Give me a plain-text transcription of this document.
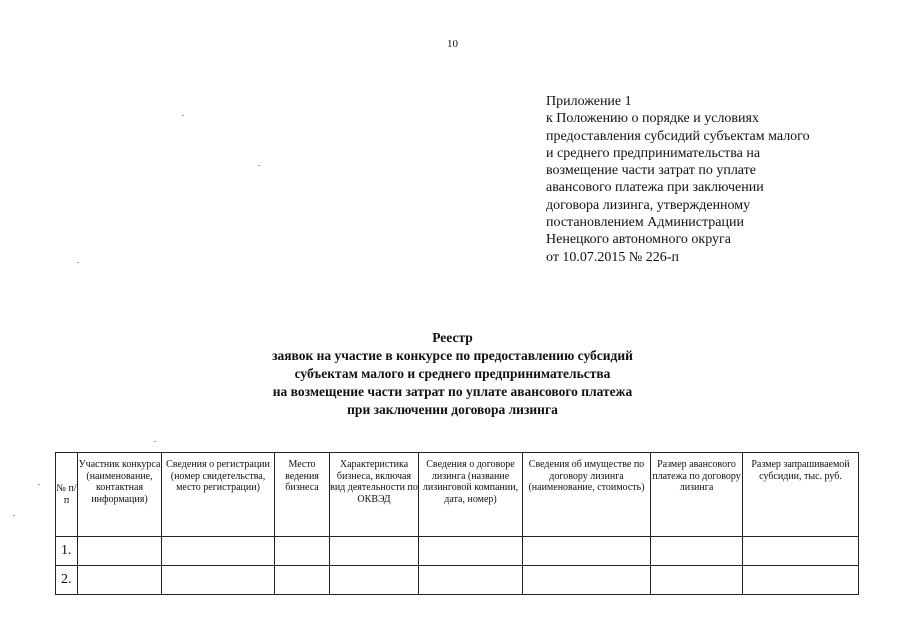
10
Приложение 1
к Положению о порядке и условиях
предоставления субсидий субъектам малого
и среднего предпринимательства на
возмещение части затрат по уплате
авансового платежа при заключении
договора лизинга, утвержденному
постановлением Администрации
Ненецкого автономного округа
от 10.07.2015 № 226-п
Реестр
заявок на участие в конкурсе по предоставлению субсидий
субъектам малого и среднего предпринимательства
на возмещение части затрат по уплате авансового платежа
при заключении договора лизинга
№ п/п	Участник конкурса (наименование, контактная информация)	Сведения о регистрации (номер свидетельства, место регистрации)	Место ведения бизнеса	Характеристика бизнеса, включая вид деятельности по ОКВЭД	Сведения о договоре лизинга (название лизинговой компании, дата, номер)	Сведения об имуществе по договору лизинга (наименование, стоимость)	Размер авансового платежа по договору лизинга	Размер запрашиваемой субсидии, тыс. руб.
1.								
2.								
